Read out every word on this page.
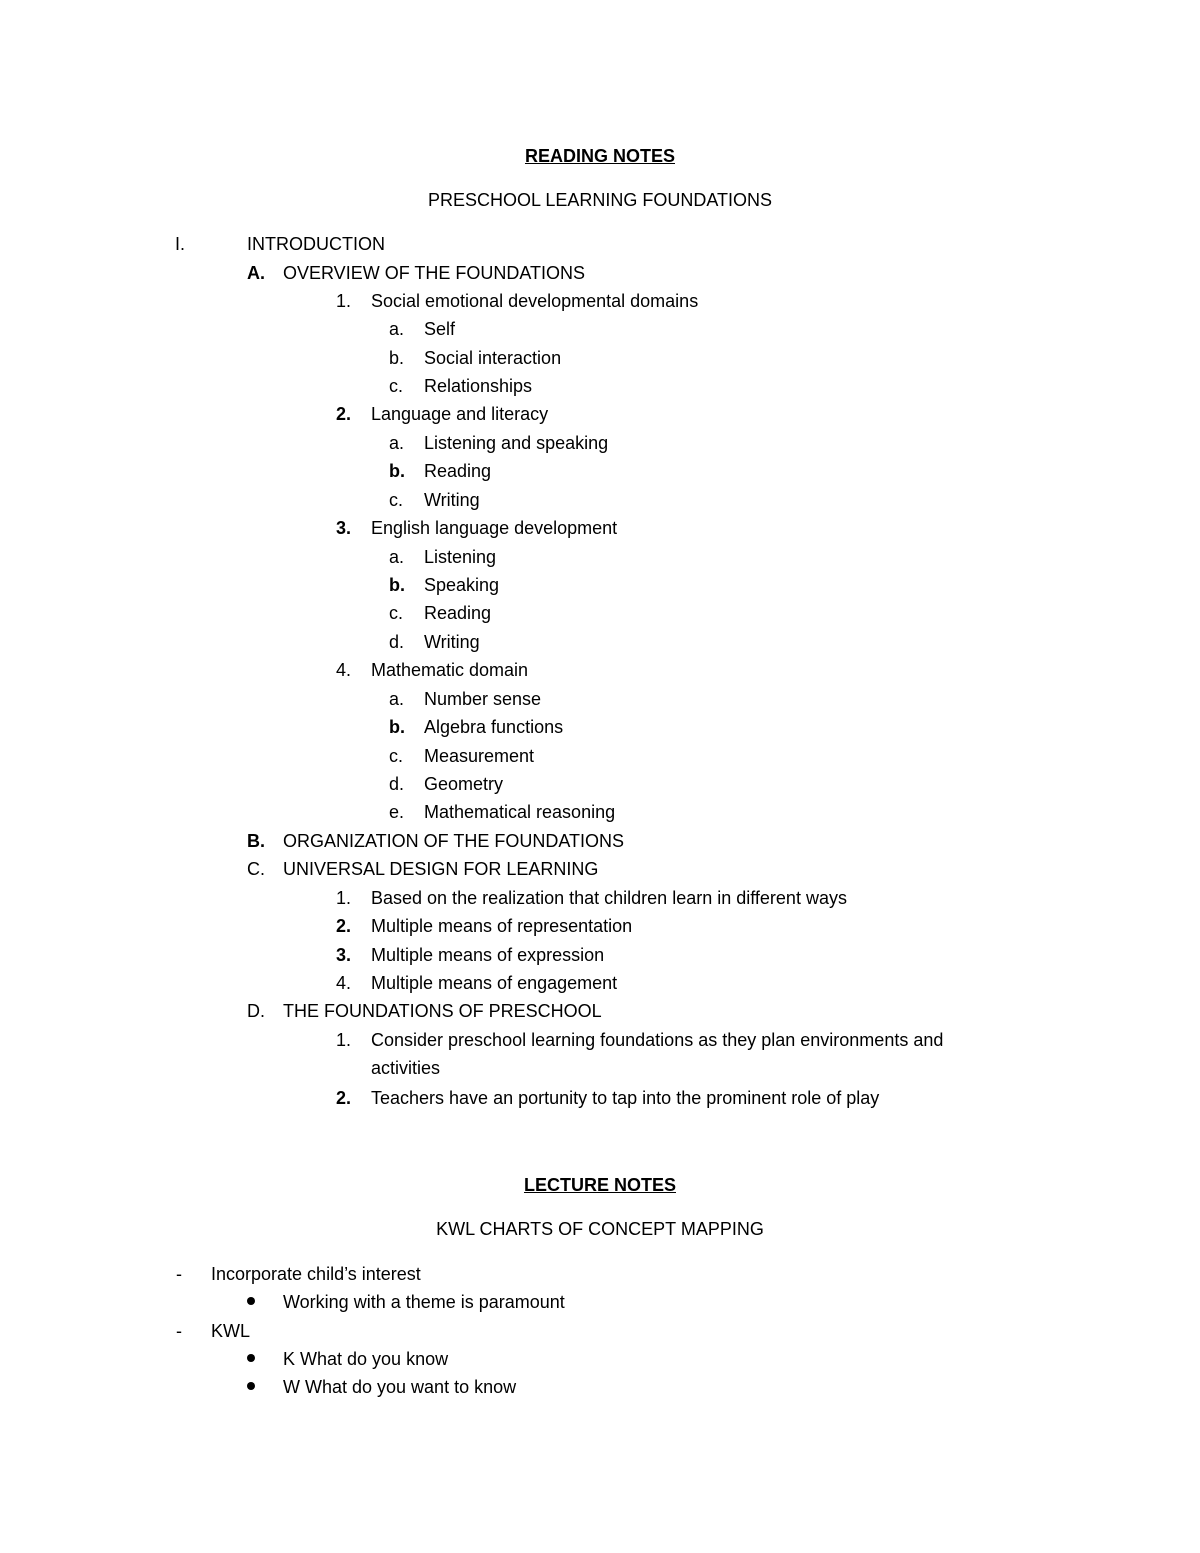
READING NOTES
PRESCHOOL LEARNING FOUNDATIONS
I.	INTRODUCTION
A. OVERVIEW OF THE FOUNDATIONS
1. Social emotional developmental domains
a. Self
b. Social interaction
c. Relationships
2. Language and literacy
a. Listening and speaking
b. Reading
c. Writing
3. English language development
a. Listening
b. Speaking
c. Reading
d. Writing
4. Mathematic domain
a. Number sense
b. Algebra functions
c. Measurement
d. Geometry
e. Mathematical reasoning
B. ORGANIZATION OF THE FOUNDATIONS
C. UNIVERSAL DESIGN FOR LEARNING
1. Based on the realization that children learn in different ways
2. Multiple means of representation
3. Multiple means of expression
4. Multiple means of engagement
D. THE FOUNDATIONS OF PRESCHOOL
1. Consider preschool learning foundations as they plan environments and
activities
2. Teachers have an portunity to tap into the prominent role of play
LECTURE NOTES
KWL CHARTS OF CONCEPT MAPPING
- Incorporate child’s interest
Working with a theme is paramount
- KWL
K What do you know
W What do you want to know
